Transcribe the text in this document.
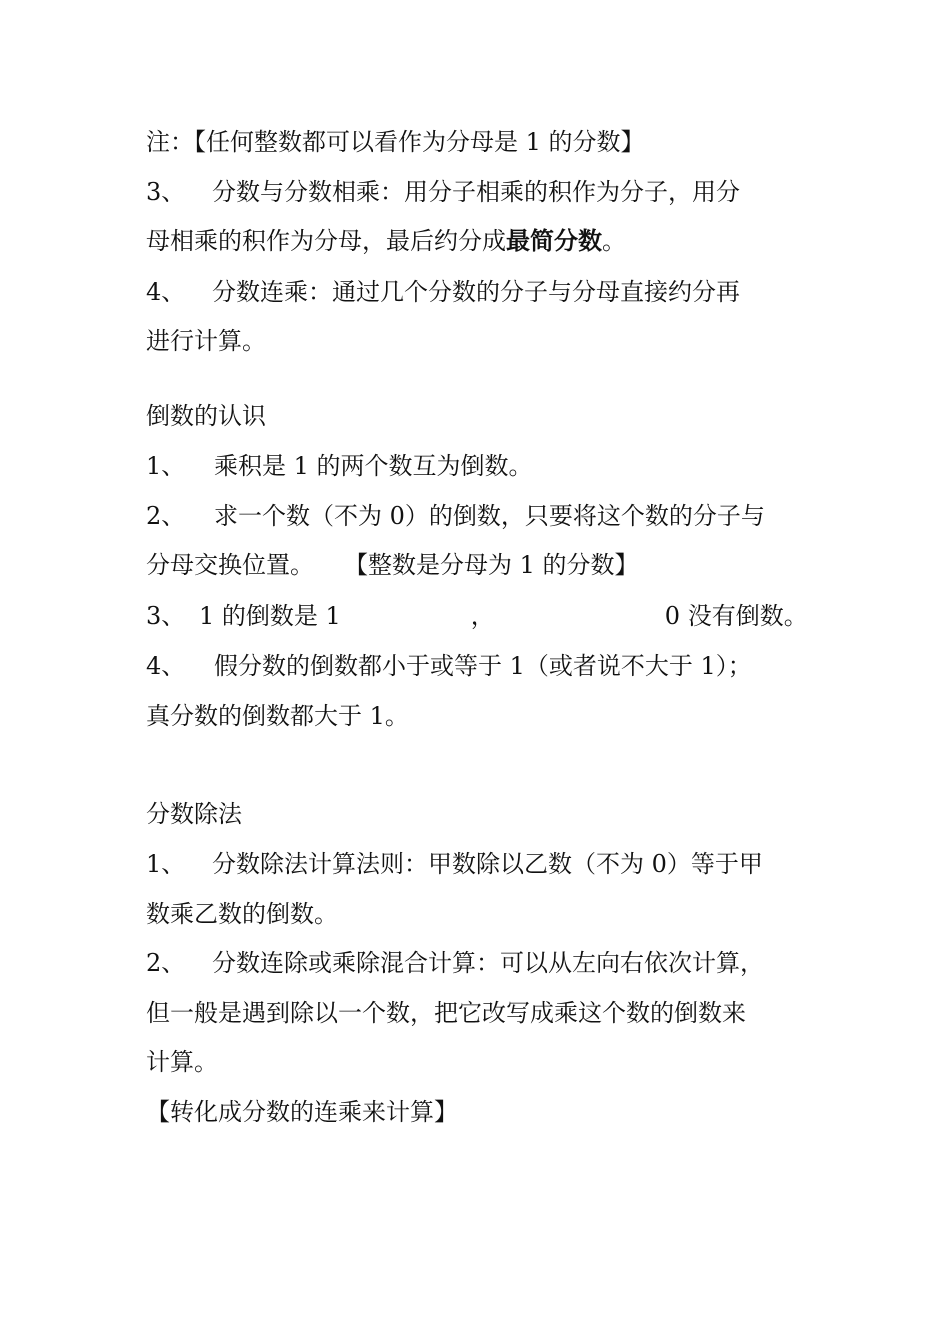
注：【任何整数都可以看作为分母是 1 的分数】
3、 分数与分数相乘：用分子相乘的积作为分子，用分
母相乘的积作为分母，最后约分成最简分数。
4、 分数连乘：通过几个分数的分子与分母直接约分再
进行计算。
倒数的认识
1、 乘积是 1 的两个数互为倒数。
2、 求一个数（不为 0）的倒数，只要将这个数的分子与
分母交换位置。 【整数是分母为 1 的分数】
3、 1 的倒数是 1	，	0 没有倒数。
4、 假分数的倒数都小于或等于 1（或者说不大于 1）；
真分数的倒数都大于 1。
分数除法
1、 分数除法计算法则：甲数除以乙数（不为 0）等于甲
数乘乙数的倒数。
2、 分数连除或乘除混合计算：可以从左向右依次计算，
但一般是遇到除以一个数，把它改写成乘这个数的倒数来
计算。
【转化成分数的连乘来计算】
